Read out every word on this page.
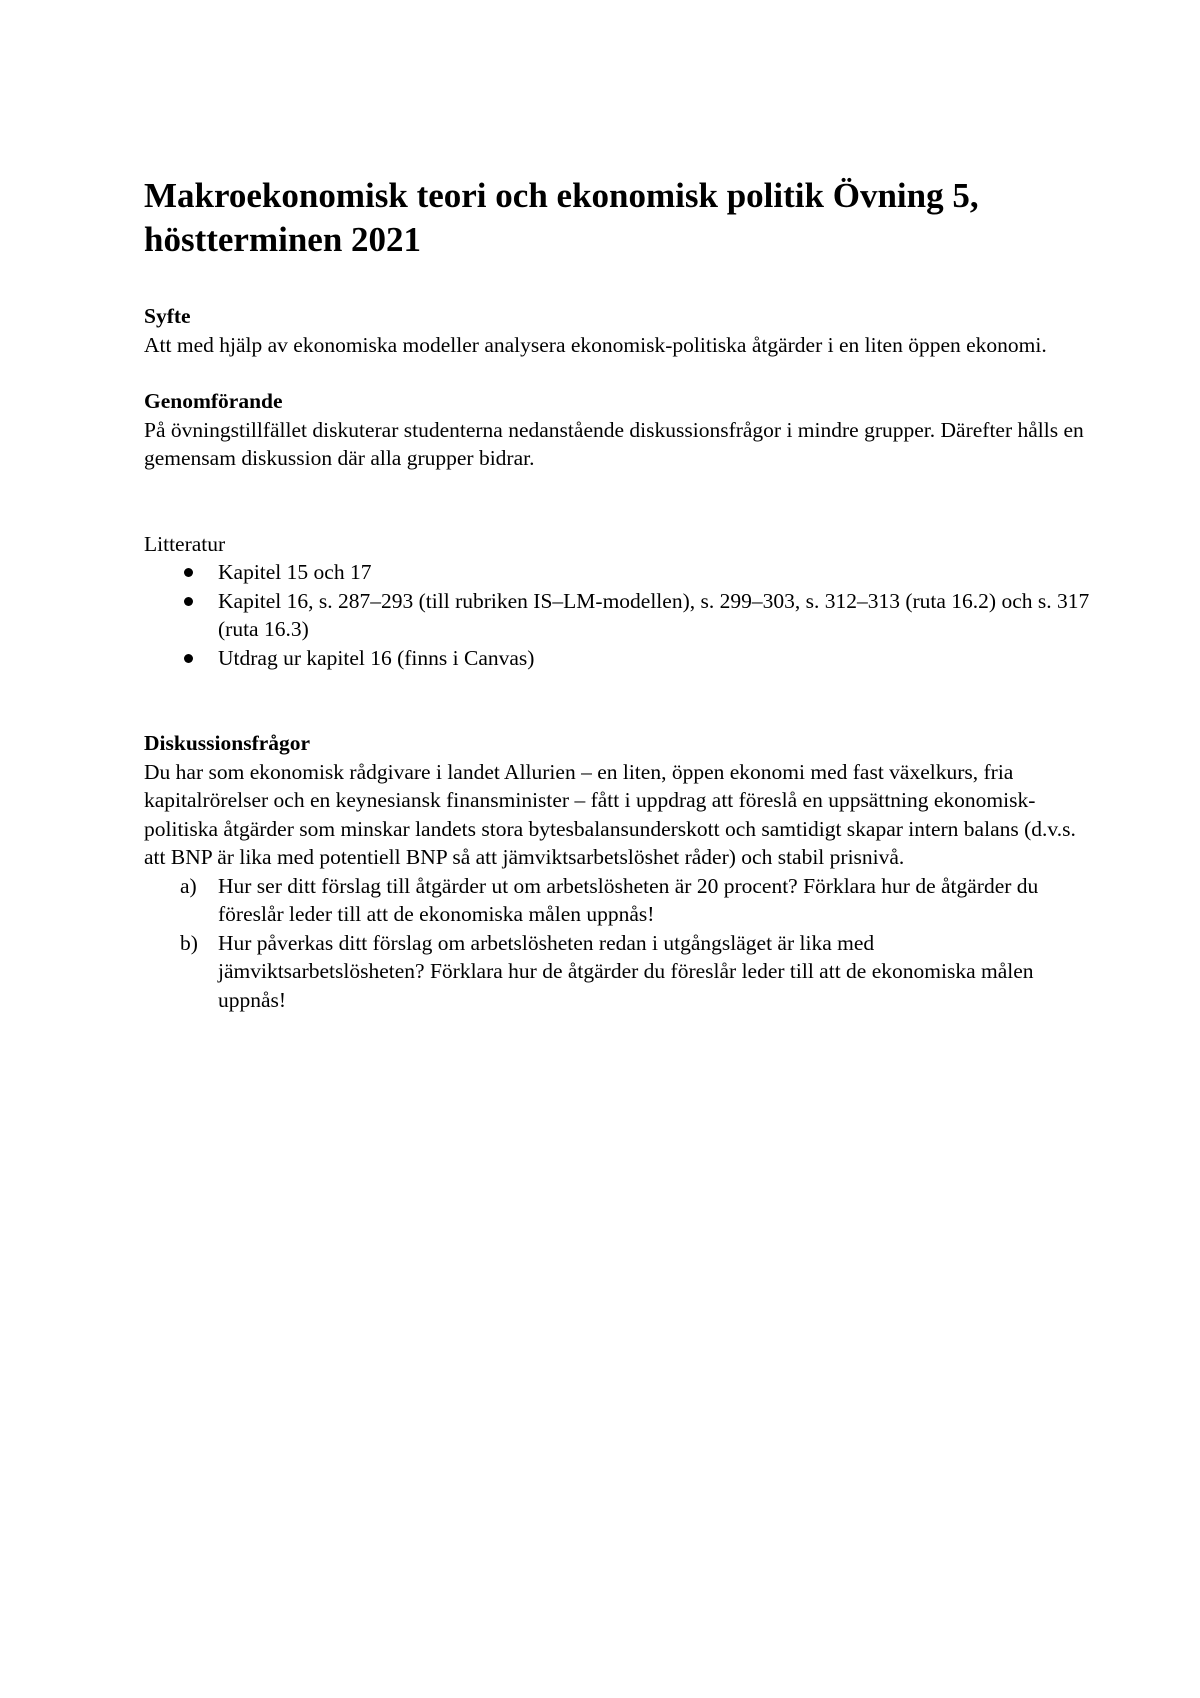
Makroekonomisk teori och ekonomisk politik Övning 5, höstterminen 2021

Syfte

Att med hjälp av ekonomiska modeller analysera ekonomisk-politiska åtgärder i en liten öppen ekonomi.

Genomförande

På övningstillfället diskuterar studenterna nedanstående diskussionsfrågor i mindre grupper. Därefter hålls en gemensam diskussion där alla grupper bidrar.

Litteratur

Kapitel 15 och 17
Kapitel 16, s. 287–293 (till rubriken IS–LM-modellen), s. 299–303, s. 312–313 (ruta 16.2) och s. 317 (ruta 16.3)
Utdrag ur kapitel 16 (finns i Canvas)

Diskussionsfrågor

Du har som ekonomisk rådgivare i landet Allurien – en liten, öppen ekonomi med fast växelkurs, fria kapitalrörelser och en keynesiansk finansminister – fått i uppdrag att föreslå en uppsättning ekonomisk-politiska åtgärder som minskar landets stora bytesbalansunderskott och samtidigt skapar intern balans (d.v.s. att BNP är lika med potentiell BNP så att jämviktsarbetslöshet råder) och stabil prisnivå.

a) Hur ser ditt förslag till åtgärder ut om arbetslösheten är 20 procent? Förklara hur de åtgärder du föreslår leder till att de ekonomiska målen uppnås!
b) Hur påverkas ditt förslag om arbetslösheten redan i utgångsläget är lika med jämviktsarbetslösheten? Förklara hur de åtgärder du föreslår leder till att de ekonomiska målen uppnås!
